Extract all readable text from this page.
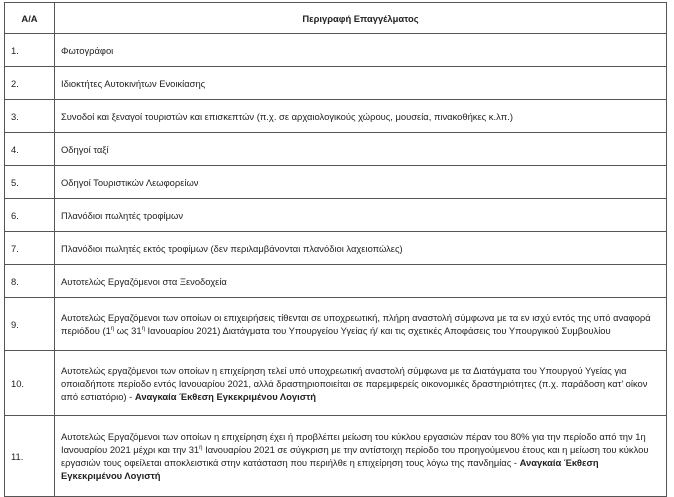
Α/Α	Περιγραφή Επαγγέλματος
1.	Φωτογράφοι
2.	Ιδιοκτήτες Αυτοκινήτων Ενοικίασης
3.	Συνοδοί και ξεναγοί τουριστών και επισκεπτών (π.χ. σε αρχαιολογικούς χώρους, μουσεία, πινακοθήκες κ.λπ.)
4.	Οδηγοί ταξί
5.	Οδηγοί Τουριστικών Λεωφορείων
6.	Πλανόδιοι πωλητές τροφίμων
7.	Πλανόδιοι πωλητές εκτός τροφίμων (δεν περιλαμβάνονται πλανόδιοι λαχειοπώλες)
8.	Αυτοτελώς Εργαζόμενοι στα Ξενοδοχεία
9.	Αυτοτελώς Εργαζόμενοι των οποίων οι επιχειρήσεις τίθενται σε υποχρεωτική, πλήρη αναστολή σύμφωνα με τα εν ισχύ εντός της υπό αναφορά περιόδου ($1^\eta$ ως $31^\eta$ Ιανουαρίου 2021) Διατάγματα του Υπουργείου Υγείας ή/ και τις σχετικές Αποφάσεις του Υπουργικού Συμβουλίου
10.	Αυτοτελώς εργαζόμενοι των οποίων η επιχείρηση τελεί υπό υποχρεωτική αναστολή σύμφωνα με τα Διατάγματα του Υπουργού Υγείας για οποιαδήποτε περίοδο εντός Ιανουαρίου 2021, αλλά δραστηριοποιείται σε παρεμφερείς οικονομικές δραστηριότητες (π.χ. παράδοση κατ’ οίκον από εστιατόριο) - Αναγκαία Έκθεση Εγκεκριμένου Λογιστή
11.	Αυτοτελώς Εργαζόμενοι των οποίων η επιχείρηση έχει ή προβλέπει μείωση του κύκλου εργασιών πέραν του 80% για την περίοδο από την 1η Ιανουαρίου 2021 μέχρι και την $31^\eta$ Ιανουαρίου 2021 σε σύγκριση με την αντίστοιχη περίοδο του προηγούμενου έτους και η μείωση του κύκλου εργασιών τους οφείλεται αποκλειστικά στην κατάσταση που περιήλθε η επιχείρηση τους λόγω της πανδημίας - Αναγκαία Έκθεση Εγκεκριμένου Λογιστή
